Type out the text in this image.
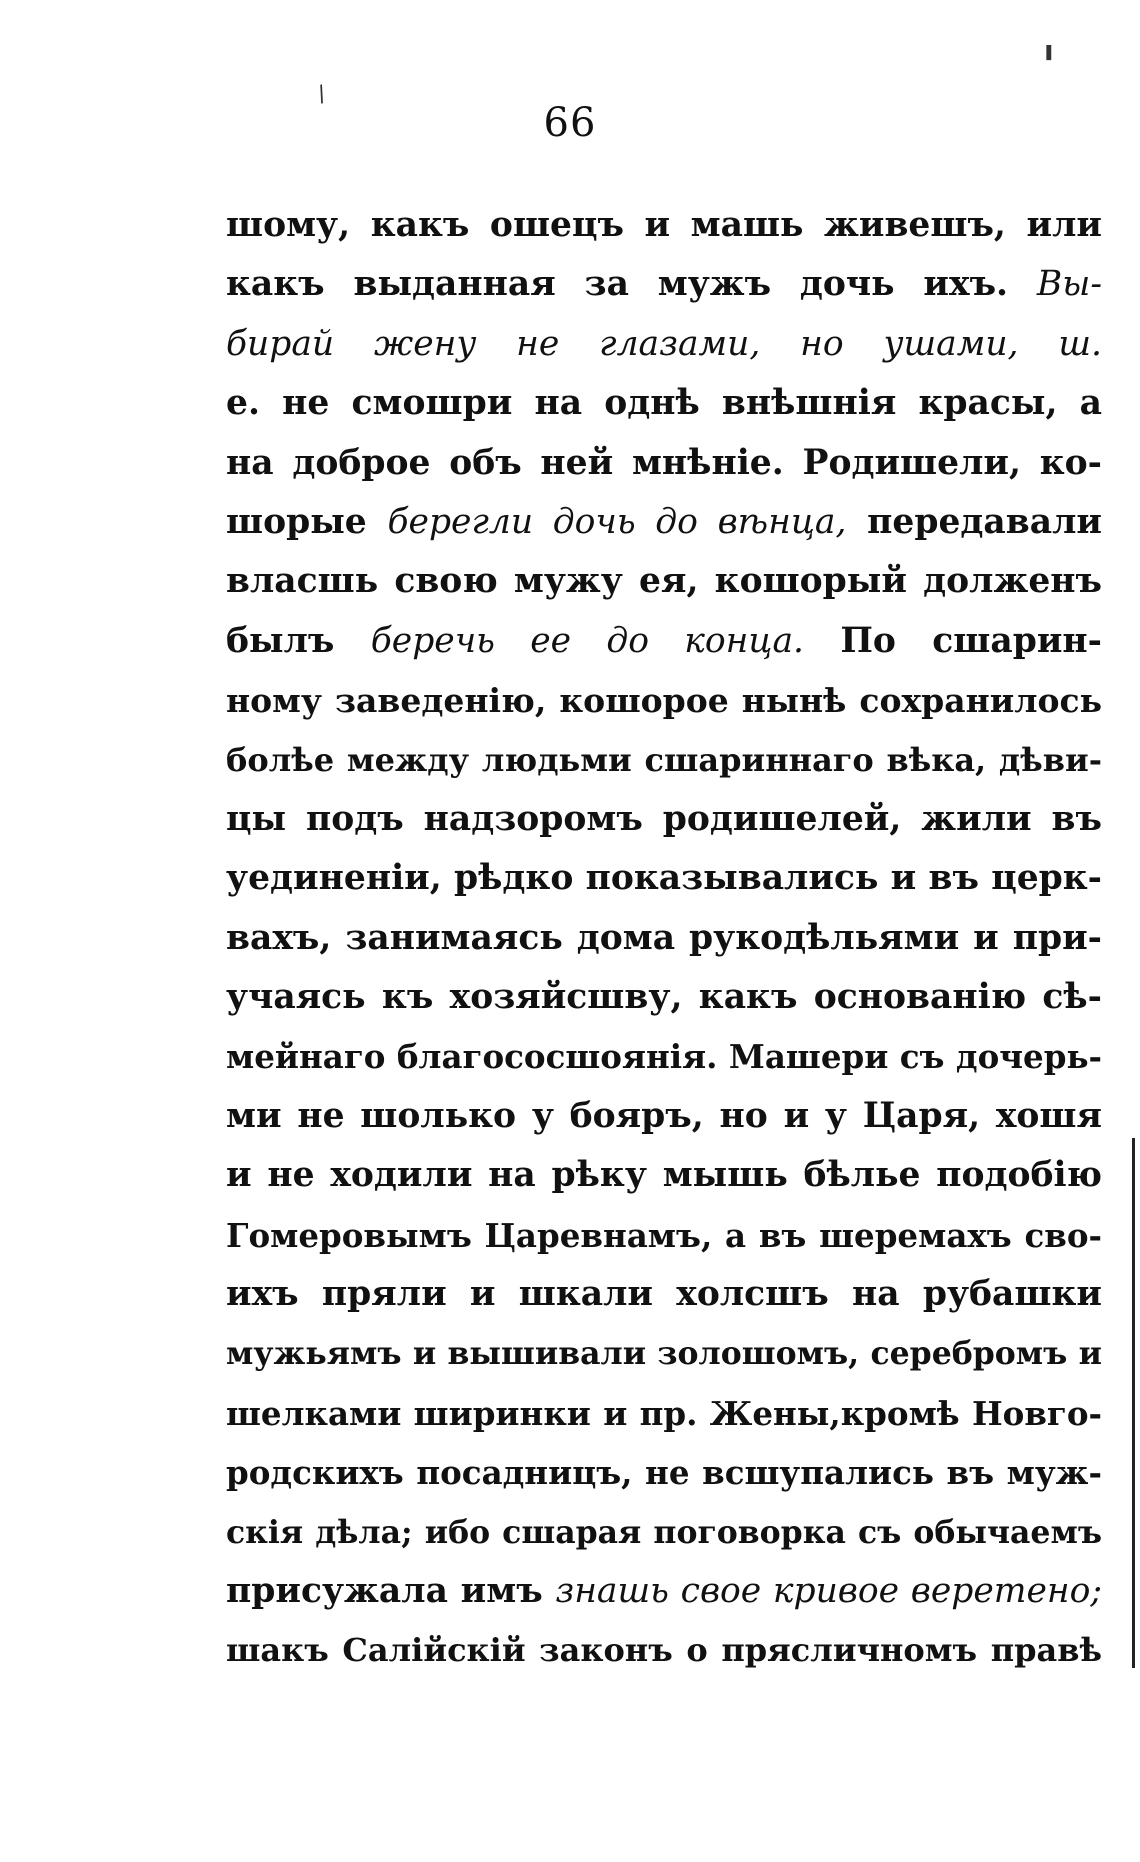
ı
/
66
шому, какъ ошецъ и машь живешъ, или
какъ выданная за мужъ дочь ихъ. Вы-
бирай жену не глазами, но ушами, ш.
е. не смошри на однѣ внѣшнія красы, а
на доброе объ ней мнѣніе. Родишели, ко-
шорые берегли дочь до вѣнца, передавали
власшь свою мужу ея, кошорый долженъ
былъ беречь ее до конца. По сшарин-
ному заведенію, кошорое нынѣ сохранилось
болѣе между людьми сшариннаго вѣка, дѣви-
цы подъ надзоромъ родишелей, жили въ
уединеніи, рѣдко показывались и въ церк-
вахъ, занимаясь дома рукодѣльями и при-
учаясь къ хозяйсшву, какъ основанію сѣ-
мейнаго благососшоянія. Машери съ дочерь-
ми не шолько у бояръ, но и у Царя, хошя
и не ходили на рѣку мышь бѣлье подобію
Гомеровымъ Царевнамъ, а въ шеремахъ сво-
ихъ пряли и шкали холсшъ на рубашки
мужьямъ и вышивали золошомъ, серебромъ и
шелками ширинки и пр. Жены,кромѣ Новго-
родскихъ посадницъ, не всшупались въ муж-
скія дѣла; ибо сшарая поговорка съ обычаемъ
присужала имъ знашь свое кривое веретено;
шакъ Салійскій законъ о прясличномъ правѣ
